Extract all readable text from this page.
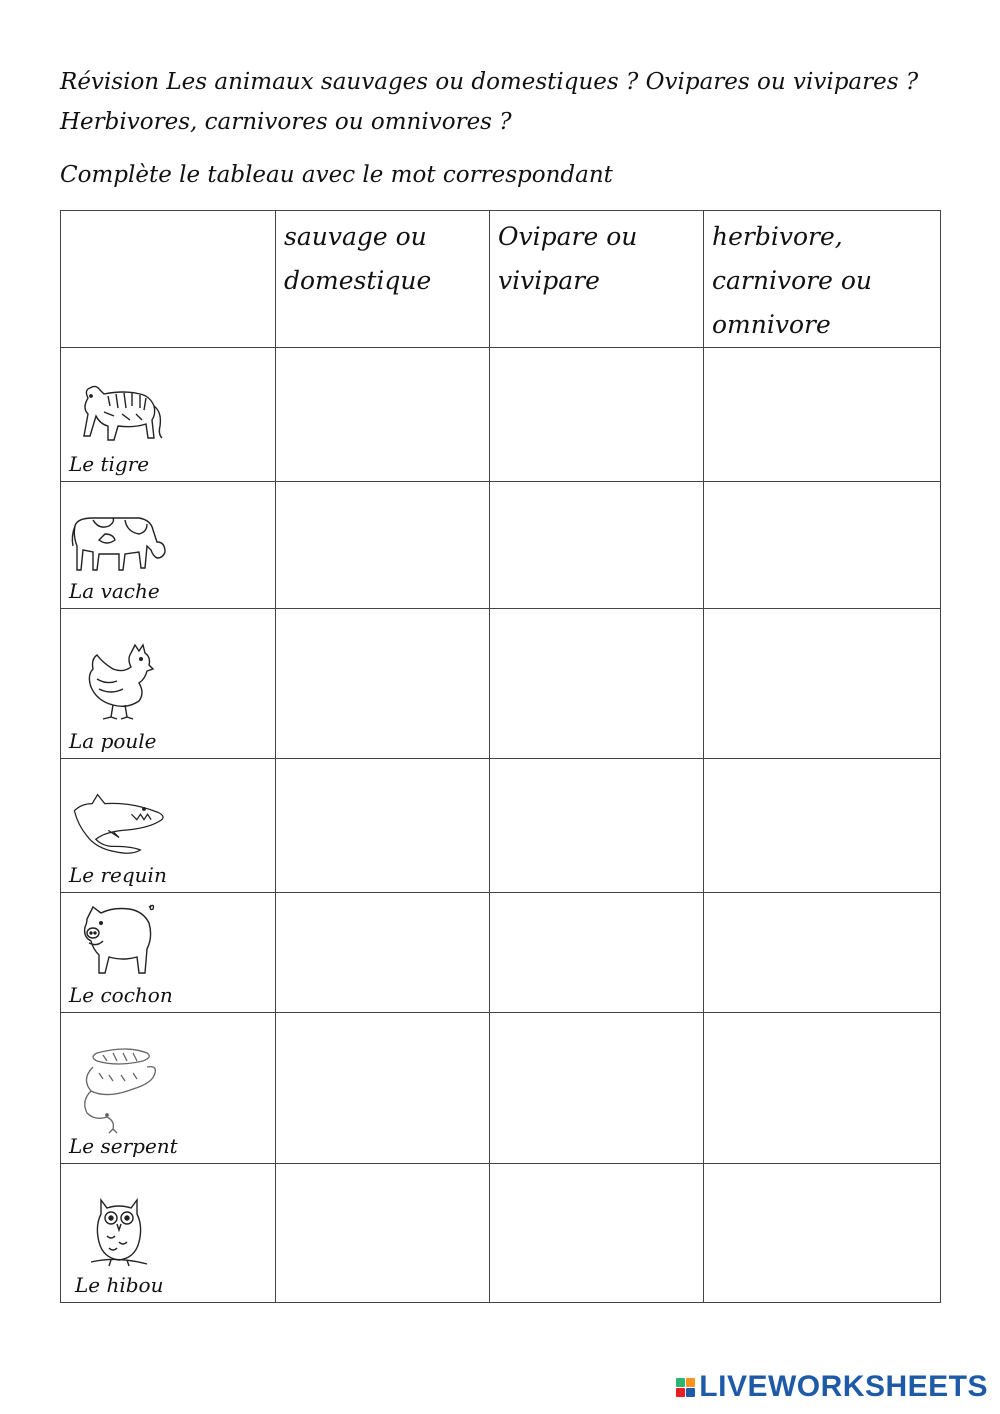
Révision Les animaux sauvages ou domestiques ? Ovipares ou vivipares ? Herbivores, carnivores ou omnivores ?

Complète le tableau avec le mot correspondant

	sauvage ou domestique	Ovipare ou vivipare	herbivore, carnivore ou omnivore

Le tigre			

La vache			

La poule			

Le requin			

Le cochon			

Le serpent			

Le hibou			

LIVEWORKSHEETS
